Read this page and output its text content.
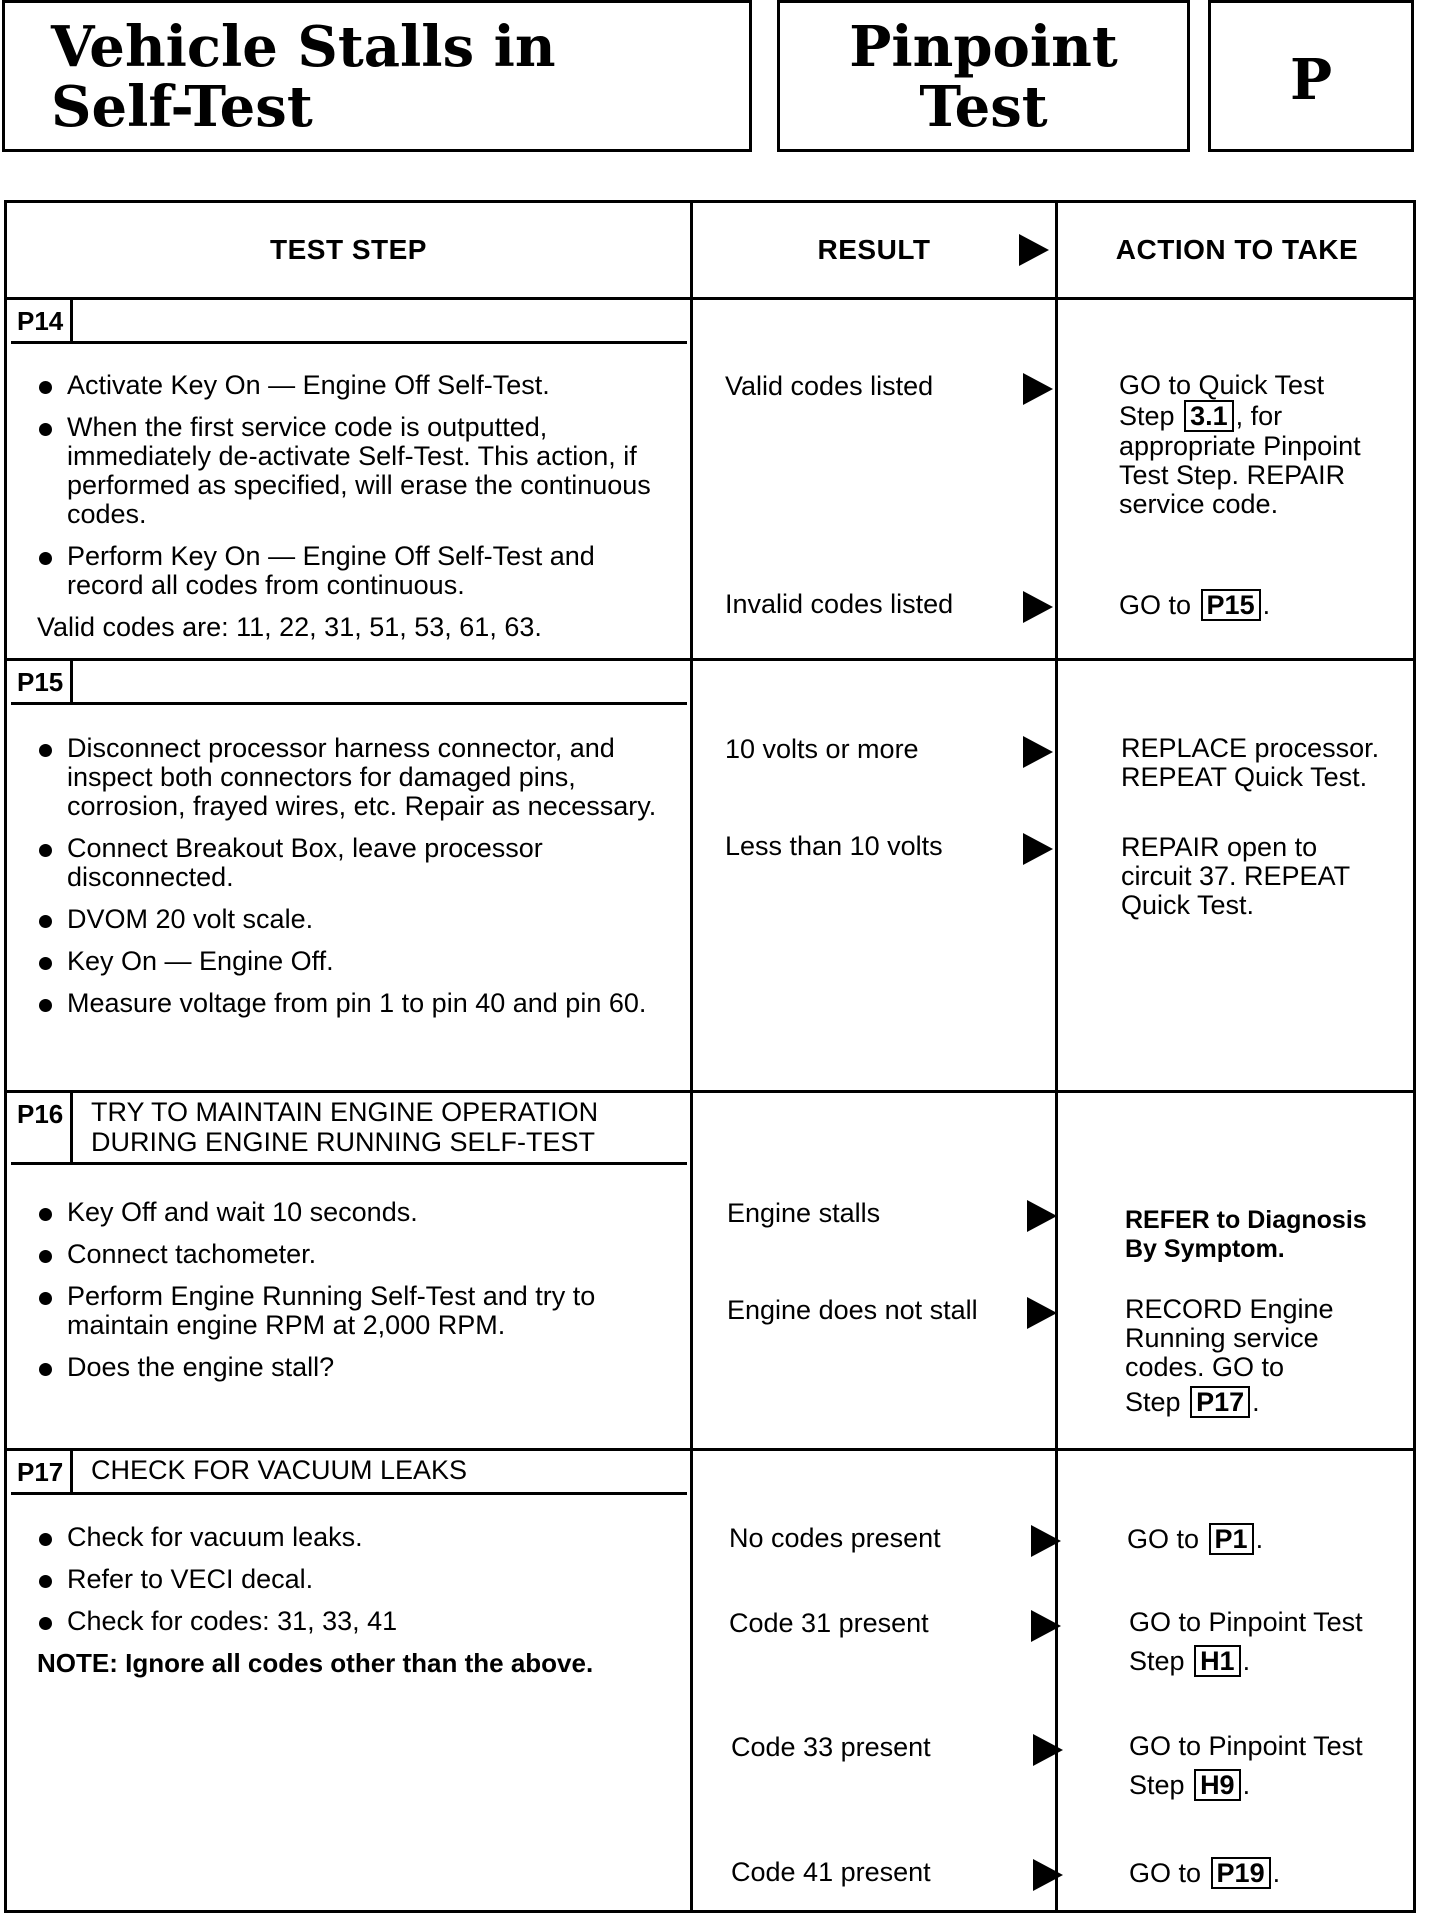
Vehicle Stalls in
Self-Test
Pinpoint
Test	P
TEST STEP	RESULT	ACTION TO TAKE
P14
Activate Key On — Engine Off Self-Test.
When the first service code is outputted, immediately de-activate Self-Test. This action, if performed as specified, will erase the continuous codes.
Perform Key On — Engine Off Self-Test and record all codes from continuous.
Valid codes are: 11, 22, 31, 51, 53, 61, 63.
Valid codes listed	GO to Quick Test
Step 3.1 , for
appropriate Pinpoint Test Step. REPAIR service code.
Invalid codes listed	GO to P15 .
P15
Disconnect processor harness connector, and inspect both connectors for damaged pins, corrosion, frayed wires, etc. Repair as necessary.
Connect Breakout Box, leave processor disconnected.
DVOM 20 volt scale.
Key On — Engine Off.
Measure voltage from pin 1 to pin 40 and pin 60.
10 volts or more	REPLACE processor. REPEAT Quick Test.
Less than 10 volts	REPAIR open to circuit 37. REPEAT Quick Test.
P16	TRY TO MAINTAIN ENGINE OPERATION DURING ENGINE RUNNING SELF-TEST
Key Off and wait 10 seconds.
Connect tachometer.
Perform Engine Running Self-Test and try to maintain engine RPM at 2,000 RPM.
Does the engine stall?
Engine stalls	REFER to Diagnosis By Symptom.
Engine does not stall	RECORD Engine Running service codes. GO to
Step P17 .
P17	CHECK FOR VACUUM LEAKS
Check for vacuum leaks.
Refer to VECI decal.
Check for codes: 31, 33, 41
NOTE: Ignore all codes other than the above.
No codes present	GO to P1 .
Code 31 present	GO to Pinpoint Test
Step H1 .
Code 33 present	GO to Pinpoint Test
Step H9 .
Code 41 present	GO to P19 .
